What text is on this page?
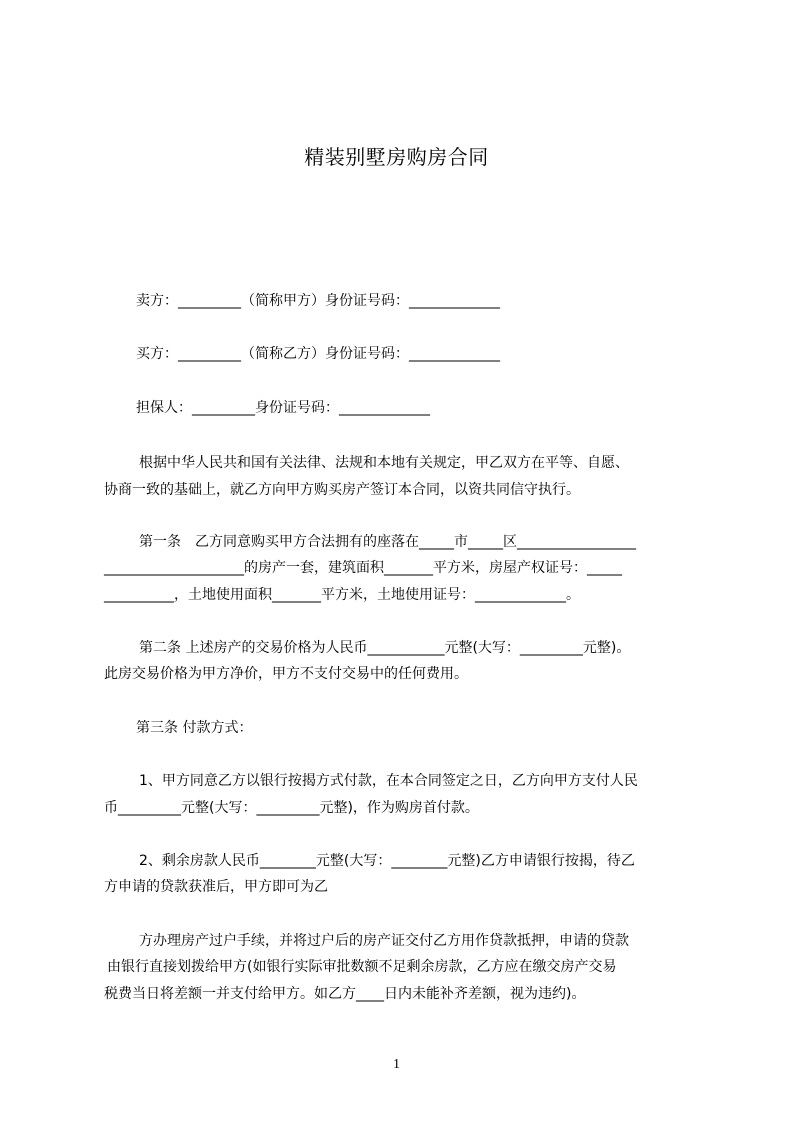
精装别墅房购房合同
卖方：_________（简称甲方）身份证号码：_____________
买方：_________（简称乙方）身份证号码：_____________
担保人：_________身份证号码：_____________
根据中华人民共和国有关法律、法规和本地有关规定，甲乙双方在平等、自愿、
协商一致的基础上，就乙方向甲方购买房产签订本合同，以资共同信守执行。
第一条　乙方同意购买甲方合法拥有的座落在_____市_____区_________________
____________________的房产一套，建筑面积_______平方米，房屋产权证号：_____
__________，土地使用面积_______平方米，土地使用证号：_____________。
第二条 上述房产的交易价格为人民币___________元整(大写：_________元整)。
此房交易价格为甲方净价，甲方不支付交易中的任何费用。
第三条 付款方式：
1、甲方同意乙方以银行按揭方式付款，在本合同签定之日，乙方向甲方支付人民
币_________元整(大写：_________元整)，作为购房首付款。
2、剩余房款人民币________元整(大写：________元整)乙方申请银行按揭，待乙
方申请的贷款获准后，甲方即可为乙
方办理房产过户手续，并将过户后的房产证交付乙方用作贷款抵押，申请的贷款
由银行直接划拨给甲方(如银行实际审批数额不足剩余房款，乙方应在缴交房产交易
税费当日将差额一并支付给甲方。如乙方____日内未能补齐差额，视为违约)。
1
